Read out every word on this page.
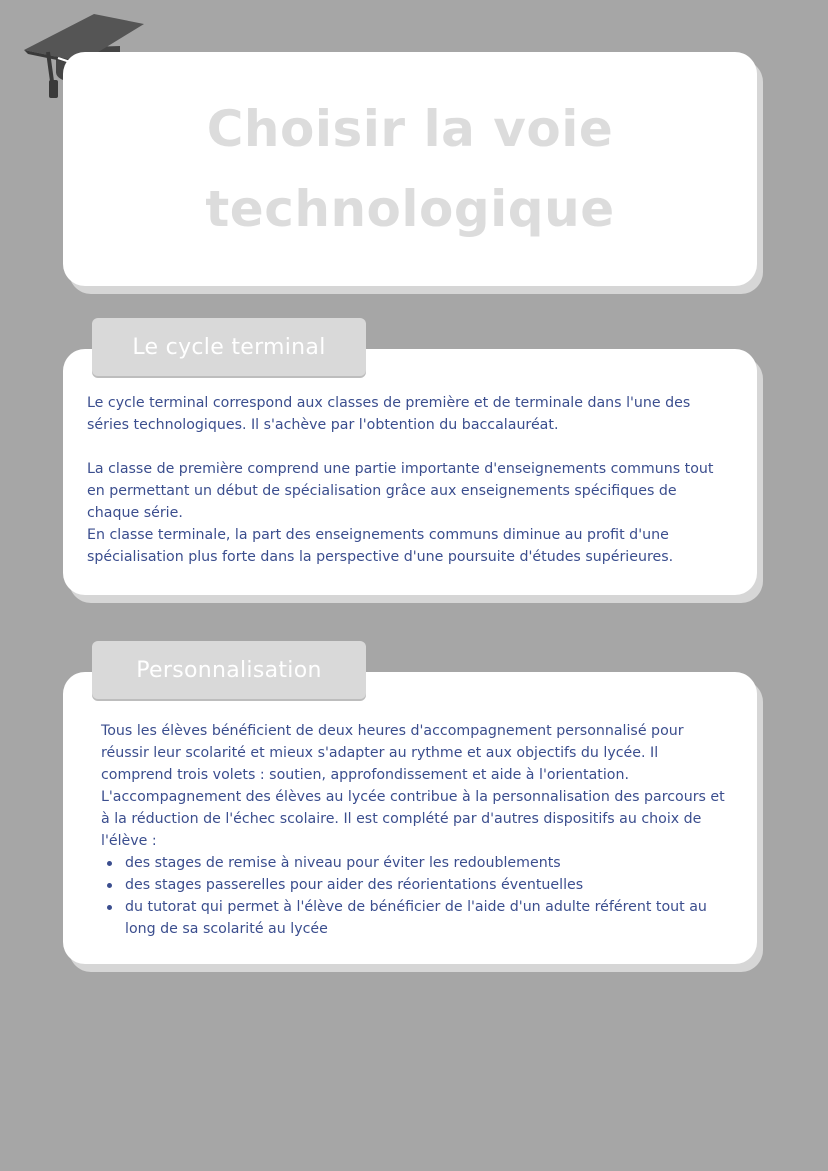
Choisir la voie
technologique

Le cycle terminal correspond aux classes de première et de terminale dans l'une des séries technologiques. Il s'achève par l'obtention du baccalauréat.

La classe de première comprend une partie importante d'enseignements communs tout en permettant un début de spécialisation grâce aux enseignements spécifiques de chaque série.

En classe terminale, la part des enseignements communs diminue au profit d'une spécialisation plus forte dans la perspective d'une poursuite d'études supérieures.

Le cycle terminal

Tous les élèves bénéficient de deux heures d'accompagnement personnalisé pour réussir leur scolarité et mieux s'adapter au rythme et aux objectifs du lycée. Il comprend trois volets : soutien, approfondissement et aide à l'orientation.

L'accompagnement des élèves au lycée contribue à la personnalisation des parcours et à la réduction de l'échec scolaire. Il est complété par d'autres dispositifs au choix de l'élève :

des stages de remise à niveau pour éviter les redoublements
des stages passerelles pour aider des réorientations éventuelles
du tutorat qui permet à l'élève de bénéficier de l'aide d'un adulte référent tout au long de sa scolarité au lycée
Personnalisation
